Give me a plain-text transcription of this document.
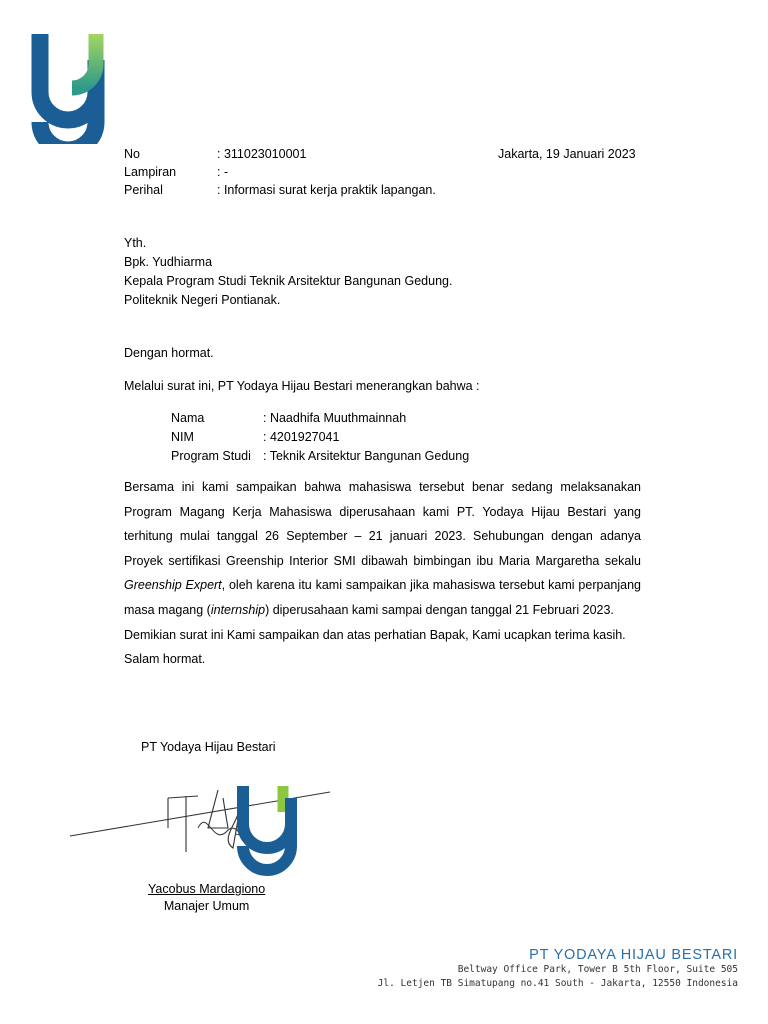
No	: 311023010001
Lampiran	: -
Perihal	: Informasi surat kerja praktik lapangan.
Jakarta, 19 Januari 2023
Yth.
Bpk. Yudhiarma
Kepala Program Studi Teknik Arsitektur Bangunan Gedung.
Politeknik Negeri Pontianak.
Dengan hormat.
Melalui surat ini, PT Yodaya Hijau Bestari menerangkan bahwa :
Nama	: Naadhifa Muuthmainnah
NIM	: 4201927041
Program Studi : Teknik Arsitektur Bangunan Gedung

Bersama ini kami sampaikan bahwa mahasiswa tersebut benar sedang melaksanakan Program Magang Kerja Mahasiswa diperusahaan kami PT. Yodaya Hijau Bestari yang terhitung mulai tanggal 26 September – 21 januari 2023. Sehubungan dengan adanya Proyek sertifikasi Greenship Interior SMI dibawah bimbingan ibu Maria Margaretha sekalu Greenship Expert, oleh karena itu kami sampaikan jika mahasiswa tersebut kami perpanjang masa magang (internship) diperusahaan kami sampai dengan tanggal 21 Februari 2023.

Demikian surat ini Kami sampaikan dan atas perhatian Bapak, Kami ucapkan terima kasih.

Salam hormat.

PT Yodaya Hijau Bestari
Yacobus Mardagiono
Manajer Umum
PT YODAYA HIJAU BESTARI
Beltway Office Park, Tower B 5th Floor, Suite 505
Jl. Letjen TB Simatupang no.41 South - Jakarta, 12550 Indonesia
